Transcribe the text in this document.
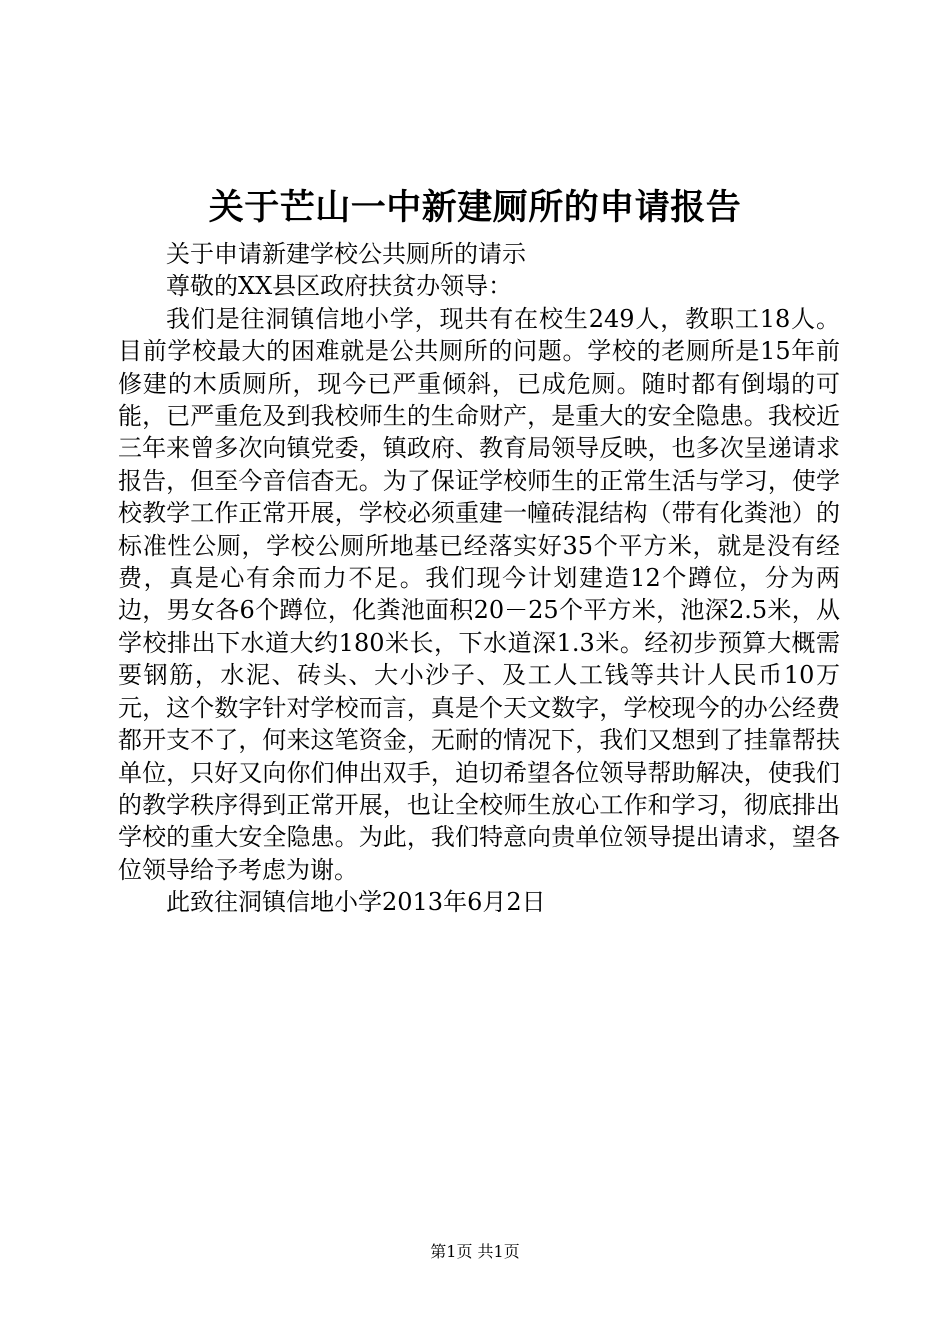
关于芒山一中新建厕所的申请报告

关于申请新建学校公共厕所的请示

尊敬的XX县区政府扶贫办领导：

我们是往洞镇信地小学，现共有在校生249人，教职工18人。目前学校最大的困难就是公共厕所的问题。学校的老厕所是15年前修建的木质厕所，现今已严重倾斜，已成危厕。随时都有倒塌的可能，已严重危及到我校师生的生命财产，是重大的安全隐患。我校近三年来曾多次向镇党委，镇政府、教育局领导反映，也多次呈递请求报告，但至今音信杳无。为了保证学校师生的正常生活与学习，使学校教学工作正常开展，学校必须重建一幢砖混结构（带有化粪池）的标准性公厕，学校公厕所地基已经落实好35个平方米，就是没有经费，真是心有余而力不足。我们现今计划建造12个蹲位，分为两边，男女各6个蹲位，化粪池面积20－25个平方米，池深2.5米，从学校排出下水道大约180米长，下水道深1.3米。经初步预算大概需要钢筋，水泥、砖头、大小沙子、及工人工钱等共计人民币10万元，这个数字针对学校而言，真是个天文数字，学校现今的办公经费都开支不了，何来这笔资金，无耐的情况下，我们又想到了挂靠帮扶单位，只好又向你们伸出双手，迫切希望各位领导帮助解决，使我们的教学秩序得到正常开展，也让全校师生放心工作和学习，彻底排出学校的重大安全隐患。为此，我们特意向贵单位领导提出请求，望各位领导给予考虑为谢。

此致往洞镇信地小学2013年6月2日

第1页 共1页
